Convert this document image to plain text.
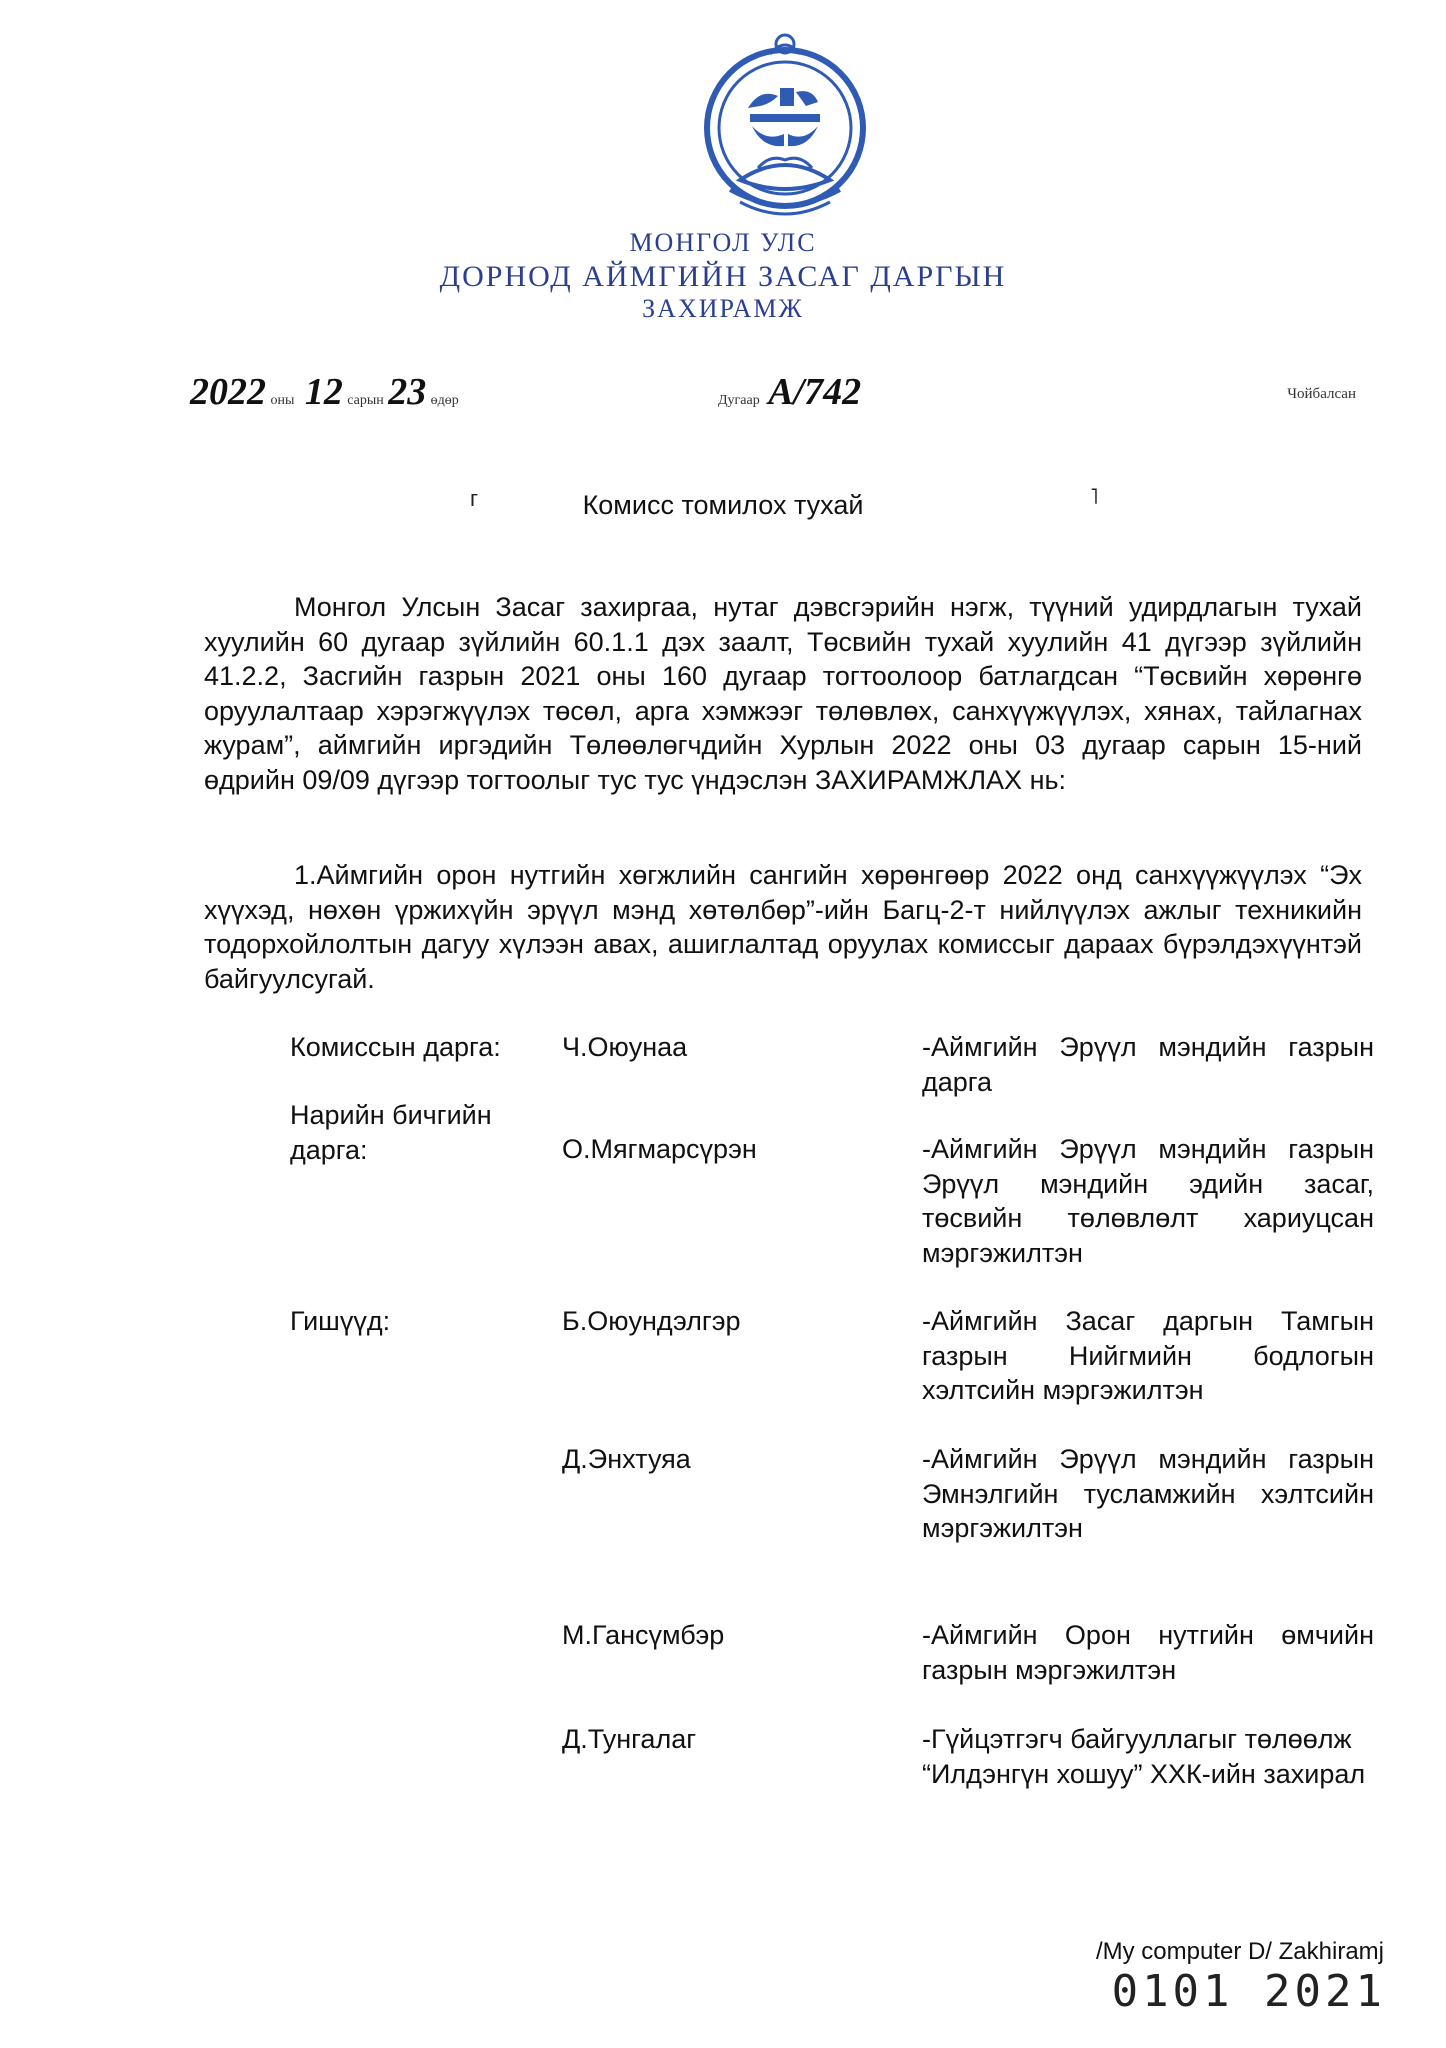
МОНГОЛ УЛС
ДОРНОД АЙМГИЙН ЗАСАГ ДАРГЫН
ЗАХИРАМЖ
2022 оны 12 сарын 23 өдөр	Дугаар А/742	Чойбалсан
г	Комисс томилох тухай	˥
Монгол Улсын Засаг захиргаа, нутаг дэвсгэрийн нэгж, түүний удирдлагын тухай хуулийн 60 дугаар зүйлийн 60.1.1 дэх заалт, Төсвийн тухай хуулийн 41 дүгээр зүйлийн 41.2.2, Засгийн газрын 2021 оны 160 дугаар тогтоолоор батлагдсан “Төсвийн хөрөнгө оруулалтаар хэрэгжүүлэх төсөл, арга хэмжээг төлөвлөх, санхүүжүүлэх, хянах, тайлагнах журам”, аймгийн иргэдийн Төлөөлөгчдийн Хурлын 2022 оны 03 дугаар сарын 15-ний өдрийн 09/09 дүгээр тогтоолыг тус тус үндэслэн ЗАХИРАМЖЛАХ нь:
1.Аймгийн орон нутгийн хөгжлийн сангийн хөрөнгөөр 2022 онд санхүүжүүлэх “Эх хүүхэд, нөхөн үржихүйн эрүүл мэнд хөтөлбөр”-ийн Багц-2-т нийлүүлэх ажлыг техникийн тодорхойлолтын дагуу хүлээн авах, ашиглалтад оруулах комиссыг дараах бүрэлдэхүүнтэй байгуулсугай.
Комиссын дарга:	Ч.Оюунаа	-Аймгийн Эрүүл мэндийн газрын дарга
Нарийн бичгийн дарга:	О.Мягмарсүрэн	-Аймгийн Эрүүл мэндийн газрын Эрүүл мэндийн эдийн засаг, төсвийн төлөвлөлт хариуцсан мэргэжилтэн
Гишүүд:	Б.Оюундэлгэр	-Аймгийн Засаг даргын Тамгын газрын Нийгмийн бодлогын хэлтсийн мэргэжилтэн
Д.Энхтуяа	-Аймгийн Эрүүл мэндийн газрын Эмнэлгийн тусламжийн хэлтсийн мэргэжилтэн
М.Гансүмбэр	-Аймгийн Орон нутгийн өмчийн газрын мэргэжилтэн
Д.Тунгалаг	-Гүйцэтгэгч байгууллагыг төлөөлж
“Илдэнгүн хошуу” ХХК-ийн захирал
/My computer D/ Zakhiramj
0101 2021
